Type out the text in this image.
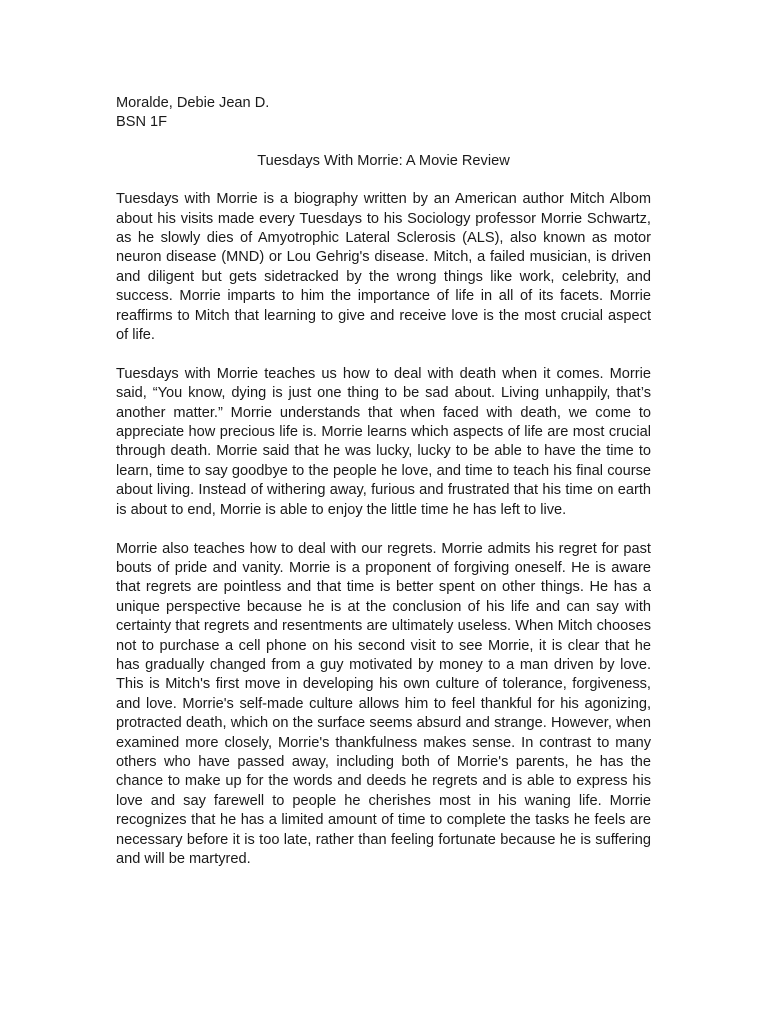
Moralde, Debie Jean D.

BSN 1F

Tuesdays With Morrie: A Movie Review

Tuesdays with Morrie is a biography written by an American author Mitch Albom about his visits made every Tuesdays to his Sociology professor Morrie Schwartz, as he slowly dies of Amyotrophic Lateral Sclerosis (ALS), also known as motor neuron disease (MND) or Lou Gehrig's disease. Mitch, a failed musician, is driven and diligent but gets sidetracked by the wrong things like work, celebrity, and success. Morrie imparts to him the importance of life in all of its facets. Morrie reaffirms to Mitch that learning to give and receive love is the most crucial aspect of life.

Tuesdays with Morrie teaches us how to deal with death when it comes. Morrie said, “You know, dying is just one thing to be sad about. Living unhappily, that’s another matter.” Morrie understands that when faced with death, we come to appreciate how precious life is. Morrie learns which aspects of life are most crucial through death. Morrie said that he was lucky, lucky to be able to have the time to learn, time to say goodbye to the people he love, and time to teach his final course about living. Instead of withering away, furious and frustrated that his time on earth is about to end, Morrie is able to enjoy the little time he has left to live.

Morrie also teaches how to deal with our regrets. Morrie admits his regret for past bouts of pride and vanity. Morrie is a proponent of forgiving oneself. He is aware that regrets are pointless and that time is better spent on other things. He has a unique perspective because he is at the conclusion of his life and can say with certainty that regrets and resentments are ultimately useless. When Mitch chooses not to purchase a cell phone on his second visit to see Morrie, it is clear that he has gradually changed from a guy motivated by money to a man driven by love. This is Mitch's first move in developing his own culture of tolerance, forgiveness, and love. Morrie's self-made culture allows him to feel thankful for his agonizing, protracted death, which on the surface seems absurd and strange. However, when examined more closely, Morrie's thankfulness makes sense. In contrast to many others who have passed away, including both of Morrie's parents, he has the chance to make up for the words and deeds he regrets and is able to express his love and say farewell to people he cherishes most in his waning life. Morrie recognizes that he has a limited amount of time to complete the tasks he feels are necessary before it is too late, rather than feeling fortunate because he is suffering and will be martyred.
